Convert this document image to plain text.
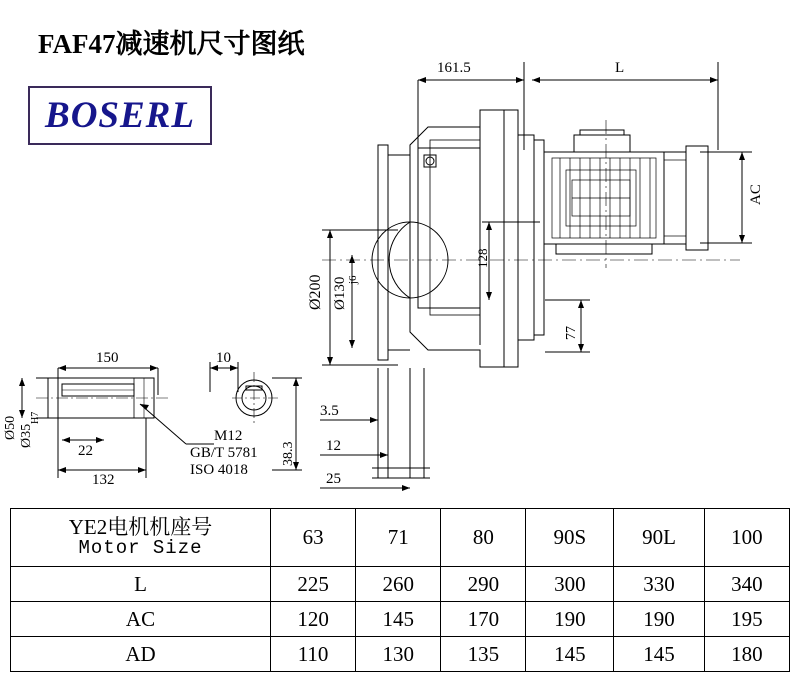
FAF47减速机尺寸图纸
BOSERL
161.5	L
AC
128
Ø200 Ø130 j6
77
3.5
12
25
150	10
22
132
38.3
Ø50 Ø35
H7
M12
GB/T 5781
ISO 4018
YE2电机机座号
Motor Size	63	71	80	90S	90L	100
L	225	260	290	300	330	340
AC	120	145	170	190	190	195
AD	110	130	135	145	145	180
